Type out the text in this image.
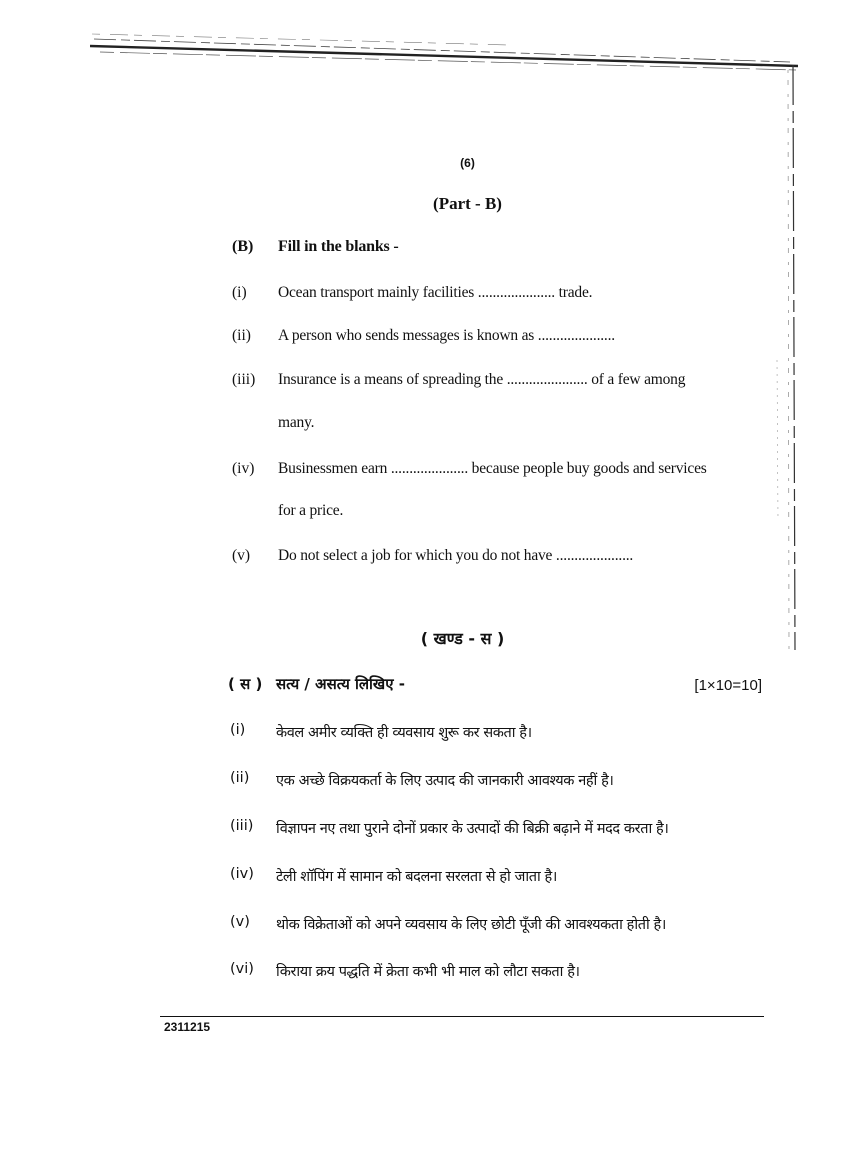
(6)
(Part - B)
(B) Fill in the blanks -
(i) Ocean transport mainly facilities ..................... trade.
(ii) A person who sends messages is known as .....................
(iii) Insurance is a means of spreading the ...................... of a few among
many.
(iv) Businessmen earn ..................... because people buy goods and services
for a price.
(v) Do not select a job for which you do not have .....................
( खण्ड - स )
( स ) सत्य / असत्य लिखिए -	[1×10=10]
(i) केवल अमीर व्यक्ति ही व्यवसाय शुरू कर सकता है।
(ii) एक अच्छे विक्रयकर्ता के लिए उत्पाद की जानकारी आवश्यक नहीं है।
(iii) विज्ञापन नए तथा पुराने दोनों प्रकार के उत्पादों की बिक्री बढ़ाने में मदद करता है।
(iv) टेली शॉपिंग में सामान को बदलना सरलता से हो जाता है।
(v) थोक विक्रेताओं को अपने व्यवसाय के लिए छोटी पूँजी की आवश्यकता होती है।
(vi) किराया क्रय पद्धति में क्रेता कभी भी माल को लौटा सकता है।
2311215
